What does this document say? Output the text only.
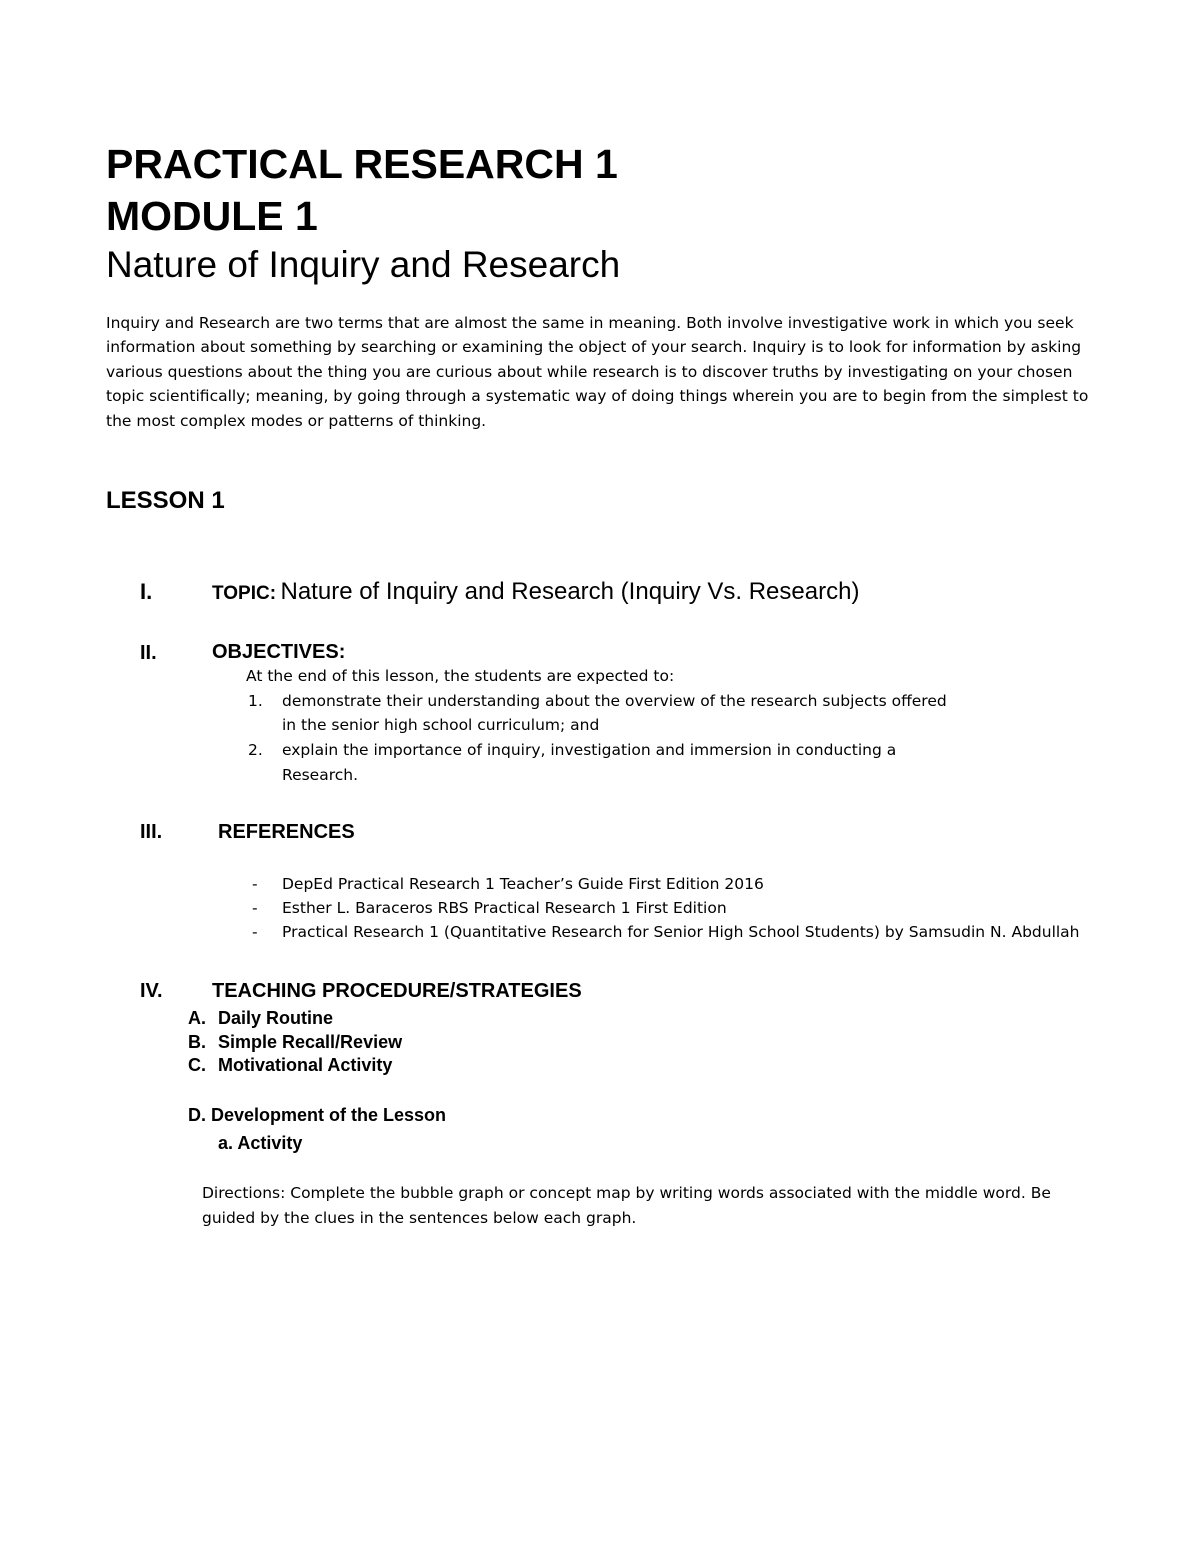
PRACTICAL RESEARCH 1
MODULE 1
Nature of Inquiry and Research
Inquiry and Research are two terms that are almost the same in meaning. Both involve investigative work in which you seek
information about something by searching or examining the object of your search. Inquiry is to look for information by asking
various questions about the thing you are curious about while research is to discover truths by investigating on your chosen
topic scientifically; meaning, by going through a systematic way of doing things wherein you are to begin from the simplest to
the most complex modes or patterns of thinking.
LESSON 1
I.	TOPIC: Nature of Inquiry and Research (Inquiry Vs. Research)
II.	OBJECTIVES:
At the end of this lesson, the students are expected to:
1. demonstrate their understanding about the overview of the research subjects offered
in the senior high school curriculum; and
2. explain the importance of inquiry, investigation and immersion in conducting a
Research.
III.	REFERENCES
- DepEd Practical Research 1 Teacher’s Guide First Edition 2016
- Esther L. Baraceros RBS Practical Research 1 First Edition
- Practical Research 1 (Quantitative Research for Senior High School Students) by Samsudin N. Abdullah
IV. TEACHING PROCEDURE/STRATEGIES
A. Daily Routine
B. Simple Recall/Review
C. Motivational Activity
D. Development of the Lesson
a. Activity
Directions: Complete the bubble graph or concept map by writing words associated with the middle word. Be
guided by the clues in the sentences below each graph.
